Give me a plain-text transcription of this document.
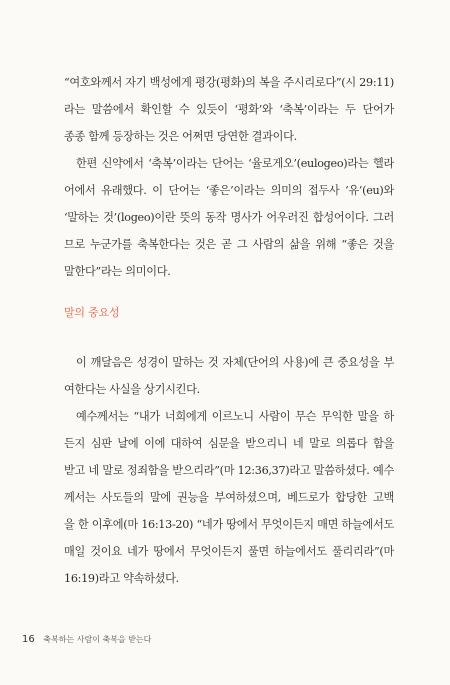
“여호와께서 자기 백성에게 평강(평화)의 복을 주시리로다”(시 29:11)
라는 말씀에서 확인할 수 있듯이 ‘평화’와 ‘축복’이라는 두 단어가
종종 함께 등장하는 것은 어쩌면 당연한 결과이다.
한편 신약에서 ‘축복’이라는 단어는 ‘율로게오’(eulogeo)라는 헬라
어에서 유래했다. 이 단어는 ‘좋은’이라는 의미의 접두사 ‘유’(eu)와
‘말하는 것’(logeo)이란 뜻의 동작 명사가 어우러진 합성어이다. 그러
므로 누군가를 축복한다는 것은 곧 그 사람의 삶을 위해 “좋은 것을
말한다”라는 의미이다.
말의 중요성
이 깨달음은 성경이 말하는 것 자체(단어의 사용)에 큰 중요성을 부
여한다는 사실을 상기시킨다.
예수께서는 “내가 너희에게 이르노니 사람이 무슨 무익한 말을 하
든지 심판 날에 이에 대하여 심문을 받으리니 네 말로 의롭다 함을
받고 네 말로 정죄함을 받으리라”(마 12:36,37)라고 말씀하셨다. 예수
께서는 사도들의 말에 권능을 부여하셨으며, 베드로가 합당한 고백
을 한 이후에(마 16:13-20) “네가 땅에서 무엇이든지 매면 하늘에서도
매일 것이요 네가 땅에서 무엇이든지 풀면 하늘에서도 풀리리라”(마
16:19)라고 약속하셨다.
16 축복하는 사람이 축복을 받는다
